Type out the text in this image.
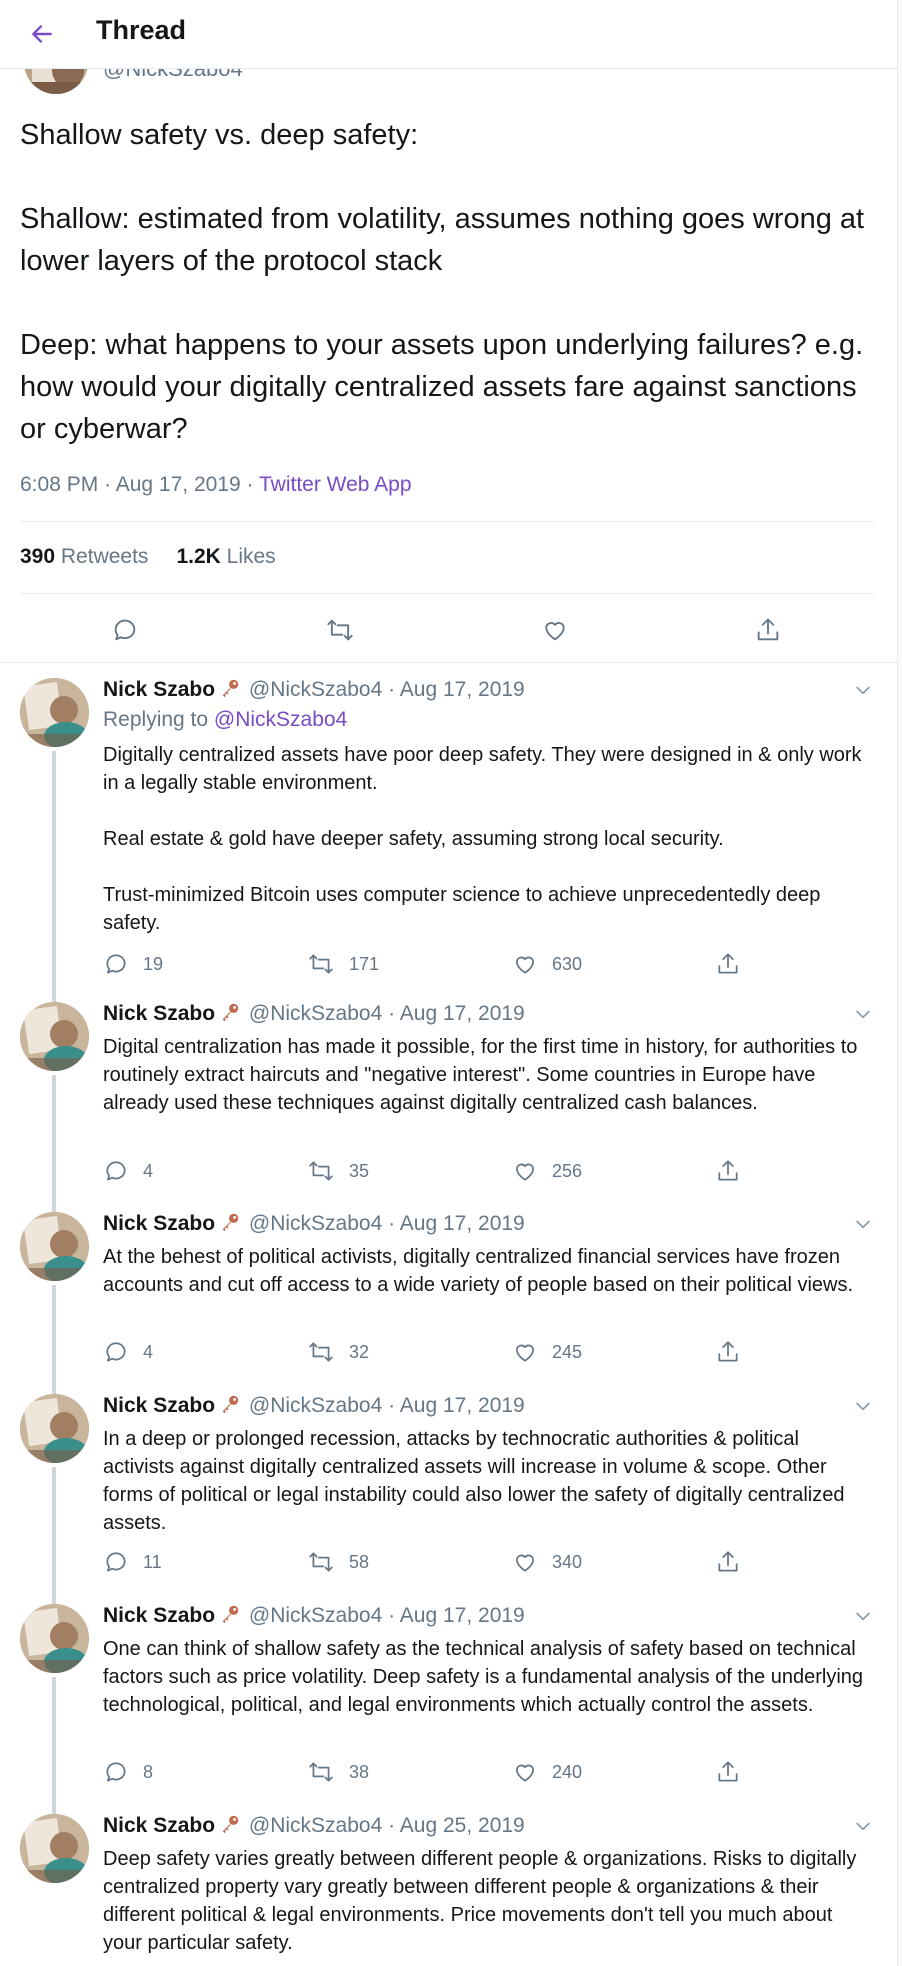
Shallow safety vs. deep safety:

Shallow: estimated from volatility, assumes nothing goes wrong at lower layers of the protocol stack

Deep: what happens to your assets upon underlying failures? e.g. how would your digitally centralized assets fare against sanctions or cyberwar?

6:08 PM · Aug 17, 2019 · Twitter Web App
390 Retweets 1.2K Likes
Nick Szabo @NickSzabo4 · Aug 17, 2019
Replying to @NickSzabo4

Digitally centralized assets have poor deep safety. They were designed in & only work in a legally stable environment.

Real estate & gold have deeper safety, assuming strong local security.

Trust-minimized Bitcoin uses computer science to achieve unprecedentedly deep safety.

19	171	630
Nick Szabo @NickSzabo4 · Aug 17, 2019

Digital centralization has made it possible, for the first time in history, for authorities to routinely extract haircuts and "negative interest". Some countries in Europe have already used these techniques against digitally centralized cash balances.

4	35	256
Nick Szabo @NickSzabo4 · Aug 17, 2019

At the behest of political activists, digitally centralized financial services have frozen accounts and cut off access to a wide variety of people based on their political views.

4	32	245
Nick Szabo @NickSzabo4 · Aug 17, 2019

In a deep or prolonged recession, attacks by technocratic authorities & political activists against digitally centralized assets will increase in volume & scope. Other forms of political or legal instability could also lower the safety of digitally centralized assets.

11	58	340
Nick Szabo @NickSzabo4 · Aug 17, 2019

One can think of shallow safety as the technical analysis of safety based on technical factors such as price volatility. Deep safety is a fundamental analysis of the underlying technological, political, and legal environments which actually control the assets.

8	38	240
Nick Szabo @NickSzabo4 · Aug 25, 2019

Deep safety varies greatly between different people & organizations. Risks to digitally centralized property vary greatly between different people & organizations & their different political & legal environments. Price movements don't tell you much about your particular safety.

Thread
